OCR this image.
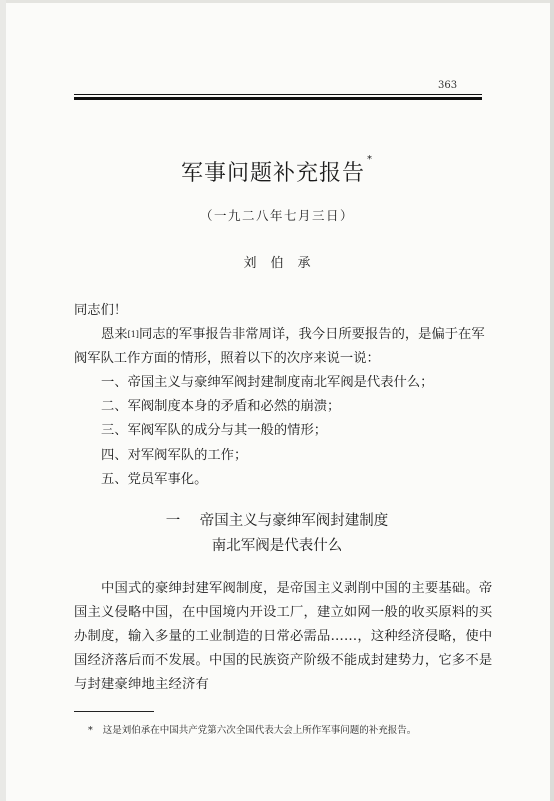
363
军事问题补充报告*
（一九二八年七月三日）
刘伯承
同志们！
恩来[1]同志的军事报告非常周详，我今日所要报告的，是偏于在军阀军队工作方面的情形，照着以下的次序来说一说：
一、帝国主义与豪绅军阀封建制度南北军阀是代表什么；
二、军阀制度本身的矛盾和必然的崩溃；
三、军阀军队的成分与其一般的情形；
四、对军阀军队的工作；
五、党员军事化。
一 帝国主义与豪绅军阀封建制度
南北军阀是代表什么
中国式的豪绅封建军阀制度，是帝国主义剥削中国的主要基础。帝国主义侵略中国，在中国境内开设工厂，建立如网一般的收买原料的买办制度，输入多量的工业制造的日常必需品……，这种经济侵略，使中国经济落后而不发展。中国的民族资产阶级不能成封建势力，它多不是与封建豪绅地主经济有
* 这是刘伯承在中国共产党第六次全国代表大会上所作军事问题的补充报告。
